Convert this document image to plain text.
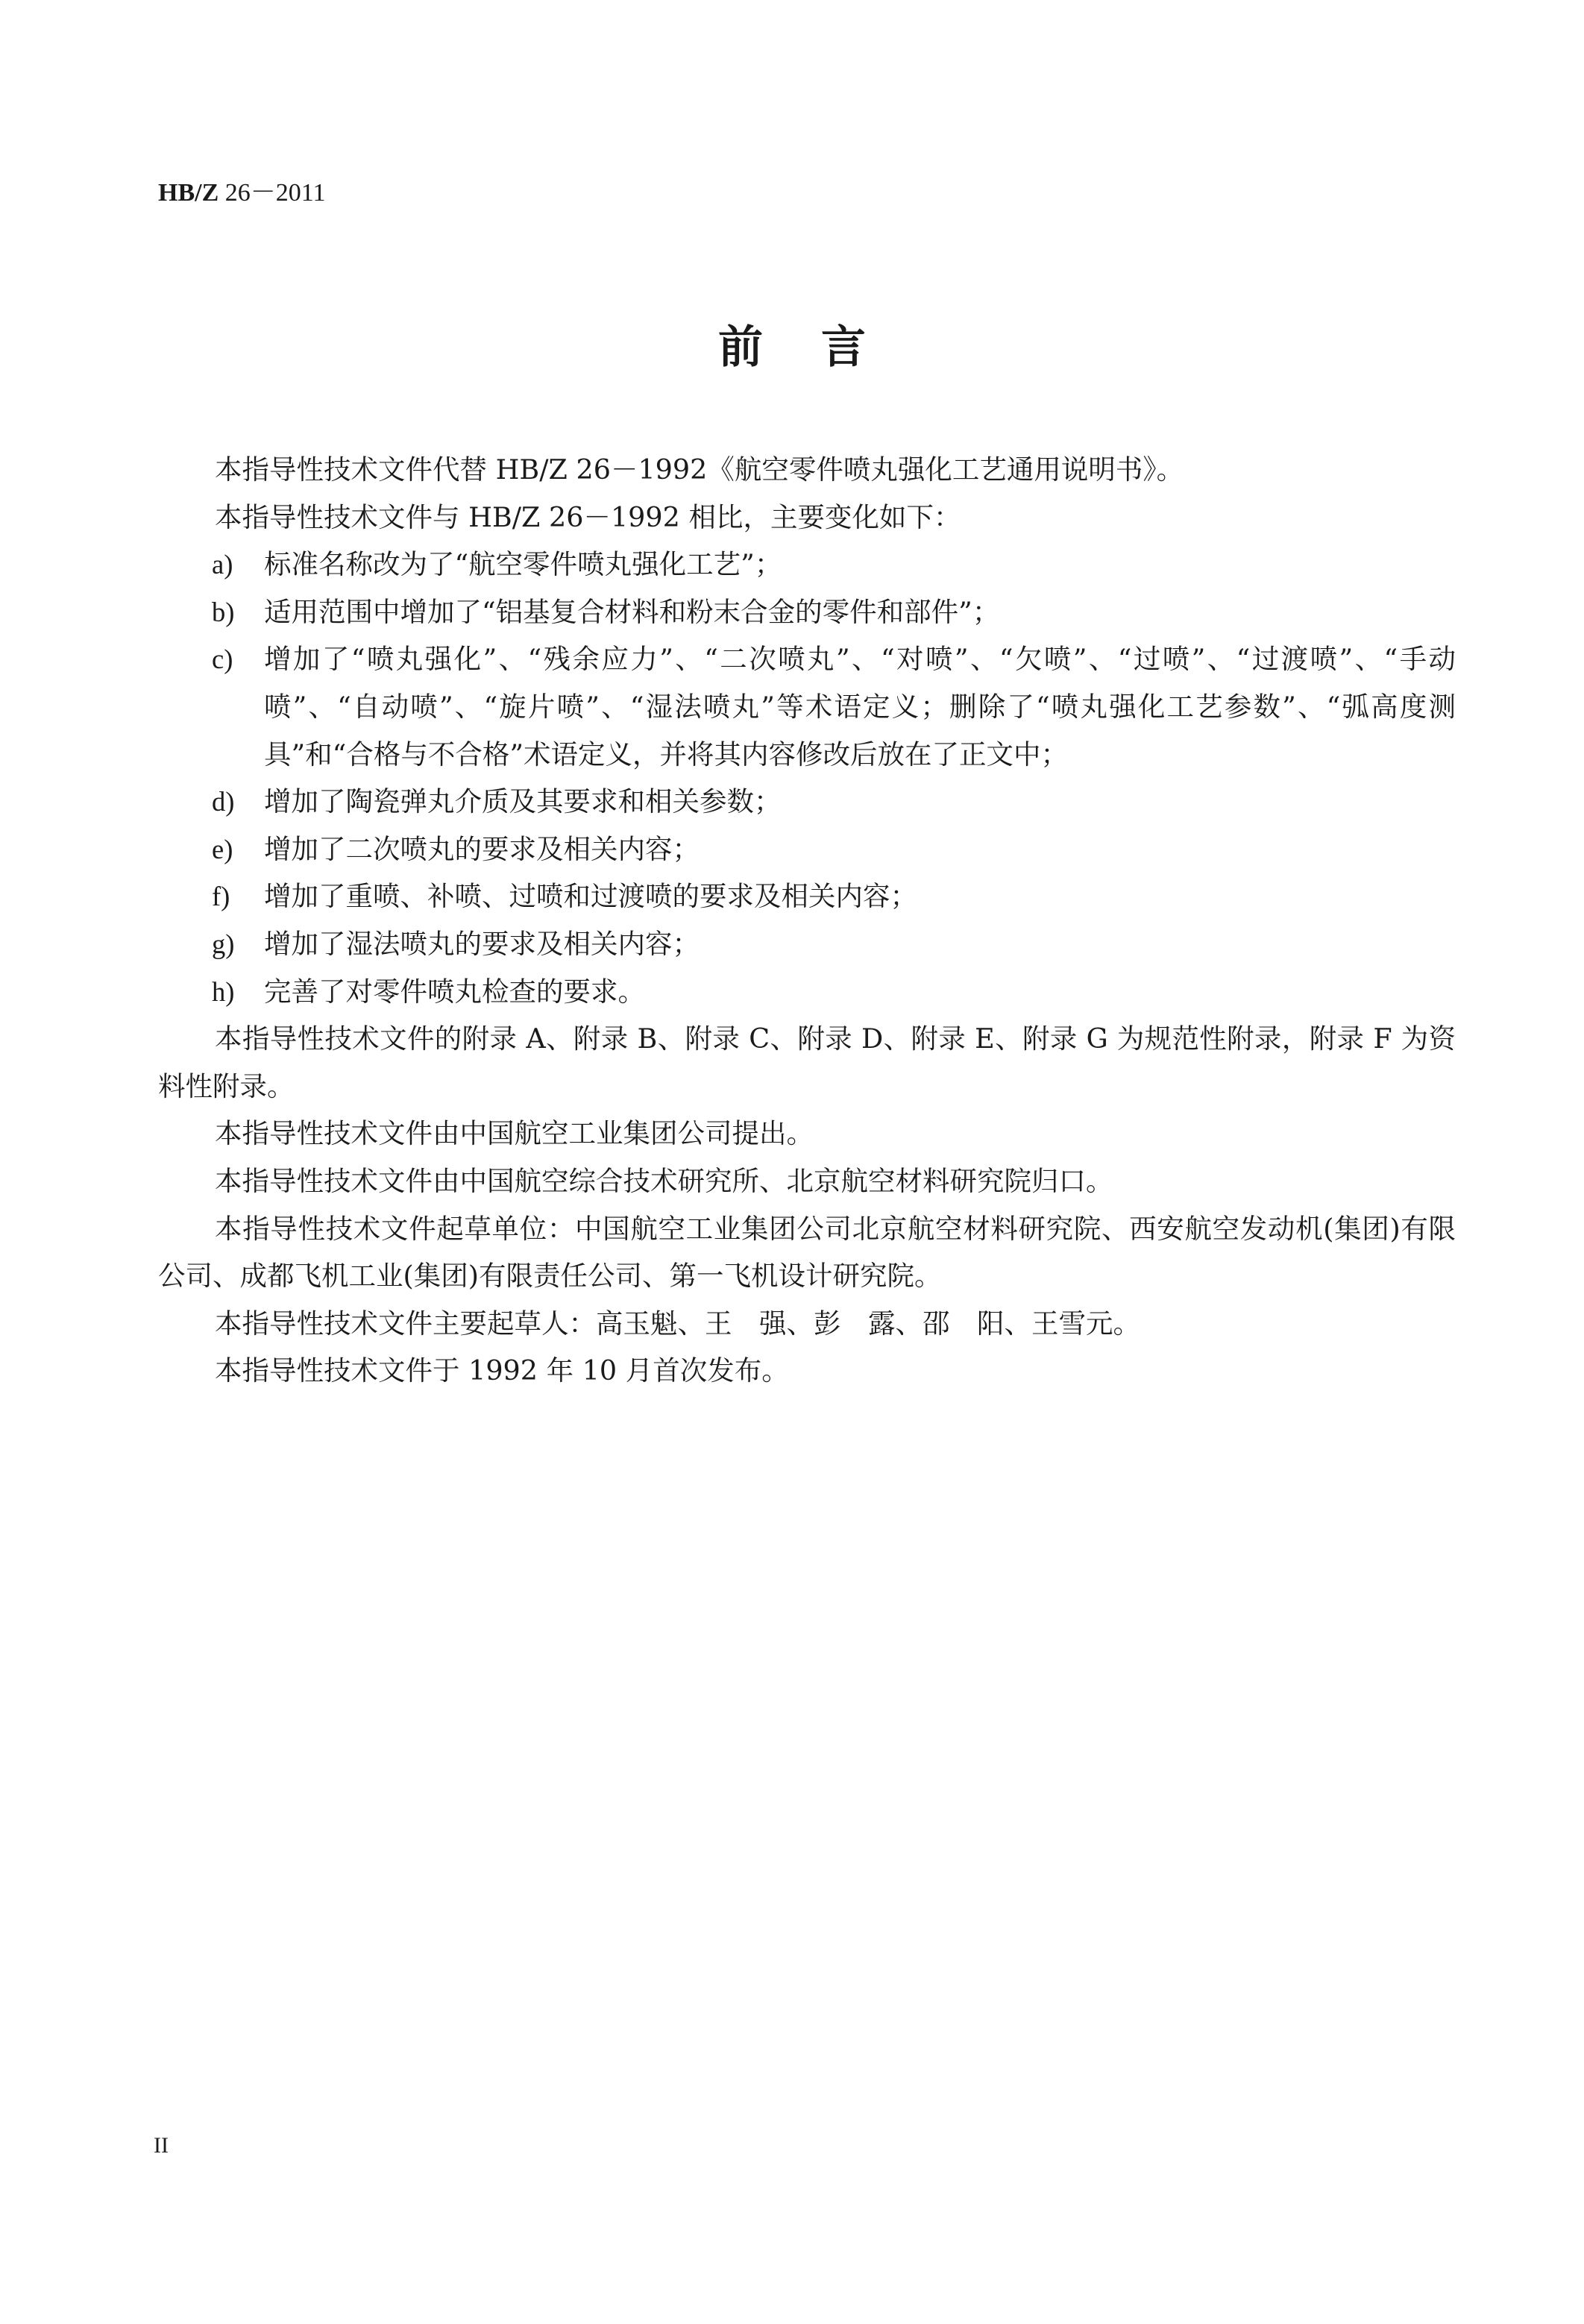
HB/Z 26－2011
前言

本指导性技术文件代替 HB/Z 26－1992《航空零件喷丸强化工艺通用说明书》。

本指导性技术文件与 HB/Z 26－1992 相比，主要变化如下：

a)	标准名称改为了“航空零件喷丸强化工艺”；
b)	适用范围中增加了“铝基复合材料和粉末合金的零件和部件”；
c)	增加了“喷丸强化”、“残余应力”、“二次喷丸”、“对喷”、“欠喷”、“过喷”、“过渡喷”、“手动喷”、“自动喷”、“旋片喷”、“湿法喷丸”等术语定义；删除了“喷丸强化工艺参数”、“弧高度测具”和“合格与不合格”术语定义，并将其内容修改后放在了正文中；
d)	增加了陶瓷弹丸介质及其要求和相关参数；
e)	增加了二次喷丸的要求及相关内容；
f)	增加了重喷、补喷、过喷和过渡喷的要求及相关内容；
g)	增加了湿法喷丸的要求及相关内容；
h)	完善了对零件喷丸检查的要求。

本指导性技术文件的附录 A、附录 B、附录 C、附录 D、附录 E、附录 G 为规范性附录，附录 F 为资料性附录。

本指导性技术文件由中国航空工业集团公司提出。

本指导性技术文件由中国航空综合技术研究所、北京航空材料研究院归口。

本指导性技术文件起草单位：中国航空工业集团公司北京航空材料研究院、西安航空发动机(集团)有限公司、成都飞机工业(集团)有限责任公司、第一飞机设计研究院。

本指导性技术文件主要起草人：高玉魁、王　强、彭　露、邵　阳、王雪元。

本指导性技术文件于 1992 年 10 月首次发布。

II
